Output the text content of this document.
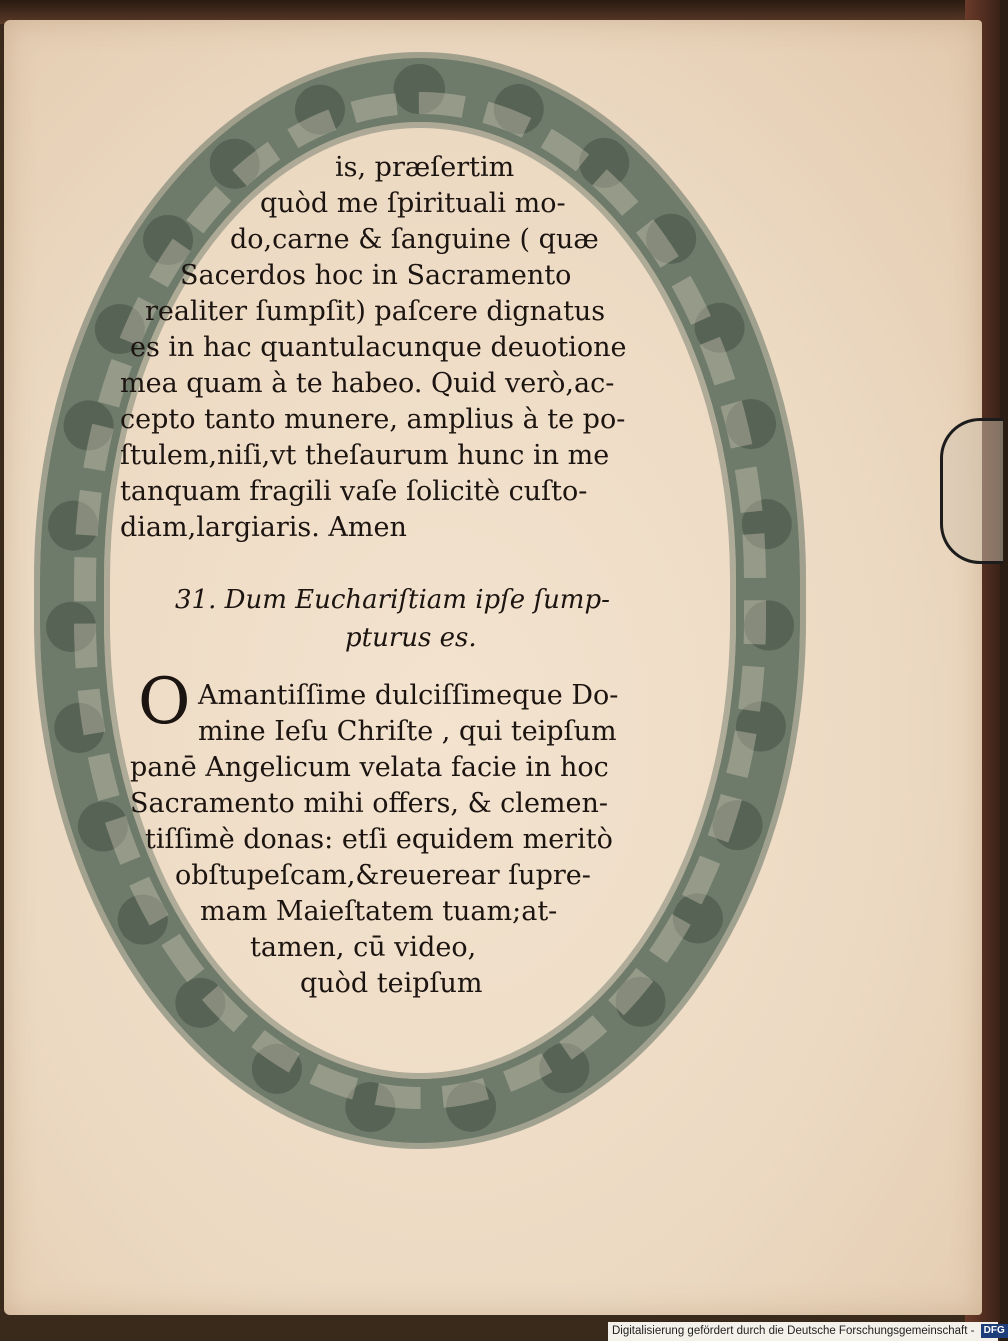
is, præſertim
quòd me ſpirituali mo-
do,carne & ſanguine ( quæ
Sacerdos hoc in Sacramento
realiter ſumpſit) paſcere dignatus
es in hac quantulacunque deuotione
mea quam à te habeo. Quid verò,ac-
cepto tanto munere, amplius à te po-
ſtulem,niſi,vt theſaurum hunc in me
tanquam fragili vaſe ſolicitè cuſto-
diam,largiaris. Amen
31. Dum Euchariſtiam ipſe ſump-
pturus es.
O Amantiſſime dulciſſimeque Do-
mine Ieſu Chriſte , qui teipſum
panē Angelicum velata facie in hoc
Sacramento mihi offers, & clemen-
tiſſimè donas: etſi equidem meritò
obſtupeſcam,&reuerear ſupre-
mam Maieſtatem tuam;at-
tamen, cū video,
quòd teipſum
Digitalisierung gefördert durch die Deutsche Forschungsgemeinschaft - DFG
